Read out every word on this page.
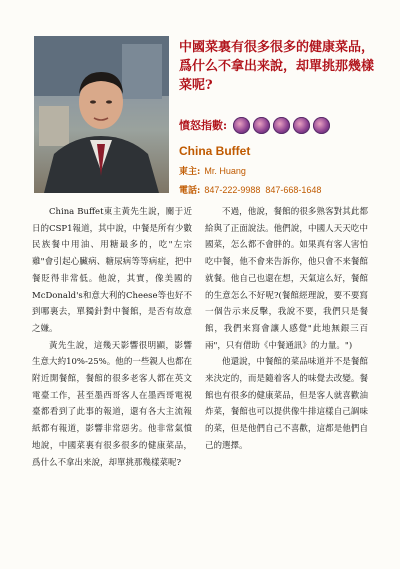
中國菜裏有很多很多的健康菜品，爲什么不拿出来說，却單挑那幾樣菜呢?
憤怒指數:
China Buffet
東主: Mr. Huang
電話: 847-222-9988  847-668-1648

China Buffet東主黃先生說，關于近日的CSP1報道，其中說，中餐是所有少數民族餐中用油、用糖最多的，吃"左宗雞"會引起心臟病、糖尿病等等病症，把中餐貶得非常低。他說，其實，像美國的McDonald's和意大利的Cheese等也好不到哪裏去，單獨針對中餐館，是否有故意之嫌。

黃先生說，這幾天影響很明顯，影響生意大約10%-25%。他的一些親人也都在附近開餐館，餐館的很多老客人都在英文電臺工作，甚至墨西哥客人在墨西哥電視臺都看到了此事的報道，還有各大主流報紙都有報道，影響非常惡劣。他非常氣憤地說，中國菜裏有很多很多的健康菜品，爲什么不拿出来說，却單挑那幾樣菜呢?

不過，他說，餐館的很多熟客對其此都給與了正面說法。他們說，中國人天天吃中國菜，怎么都不會胖的。如果真有客人害怕吃中餐，他不會来告訴你，他只會不来餐館就餐。他自己也還在想，天氣這么好，餐館的生意怎么不好呢?(餐館經理說，要不要寫一個告示来反擊，我說不要，我們只是餐館，我們来寫會讓人感覺"此地無銀三百兩"，只有借助《中餐通訊》的力量。")

他還說，中餐館的菜品味道并不是餐館来決定的，而是隨着客人的味覺去改變。餐館也有很多的健康菜品，但是客人就喜歡油炸菜，餐館也可以提供像牛排這樣自己調味的菜，但是他們自己不喜歡，這都是他們自己的選擇。
